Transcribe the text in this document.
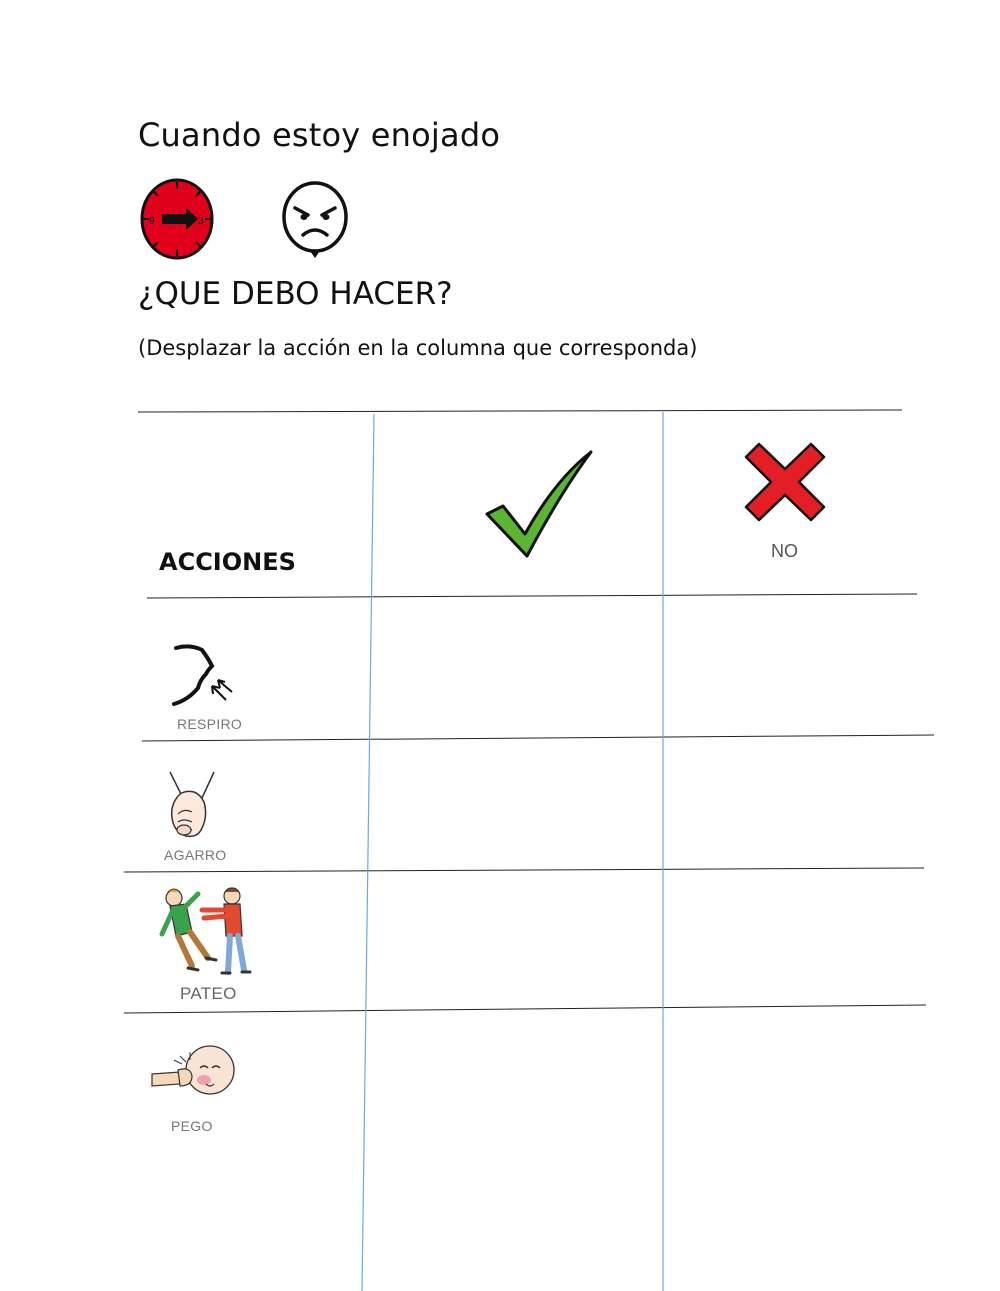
Cuando estoy enojado
9	3
¿QUE DEBO HACER?
(Desplazar la acción en la columna que corresponda)
ACCIONES	NO
RESPIRO
AGARRO
PATEO
PEGO
